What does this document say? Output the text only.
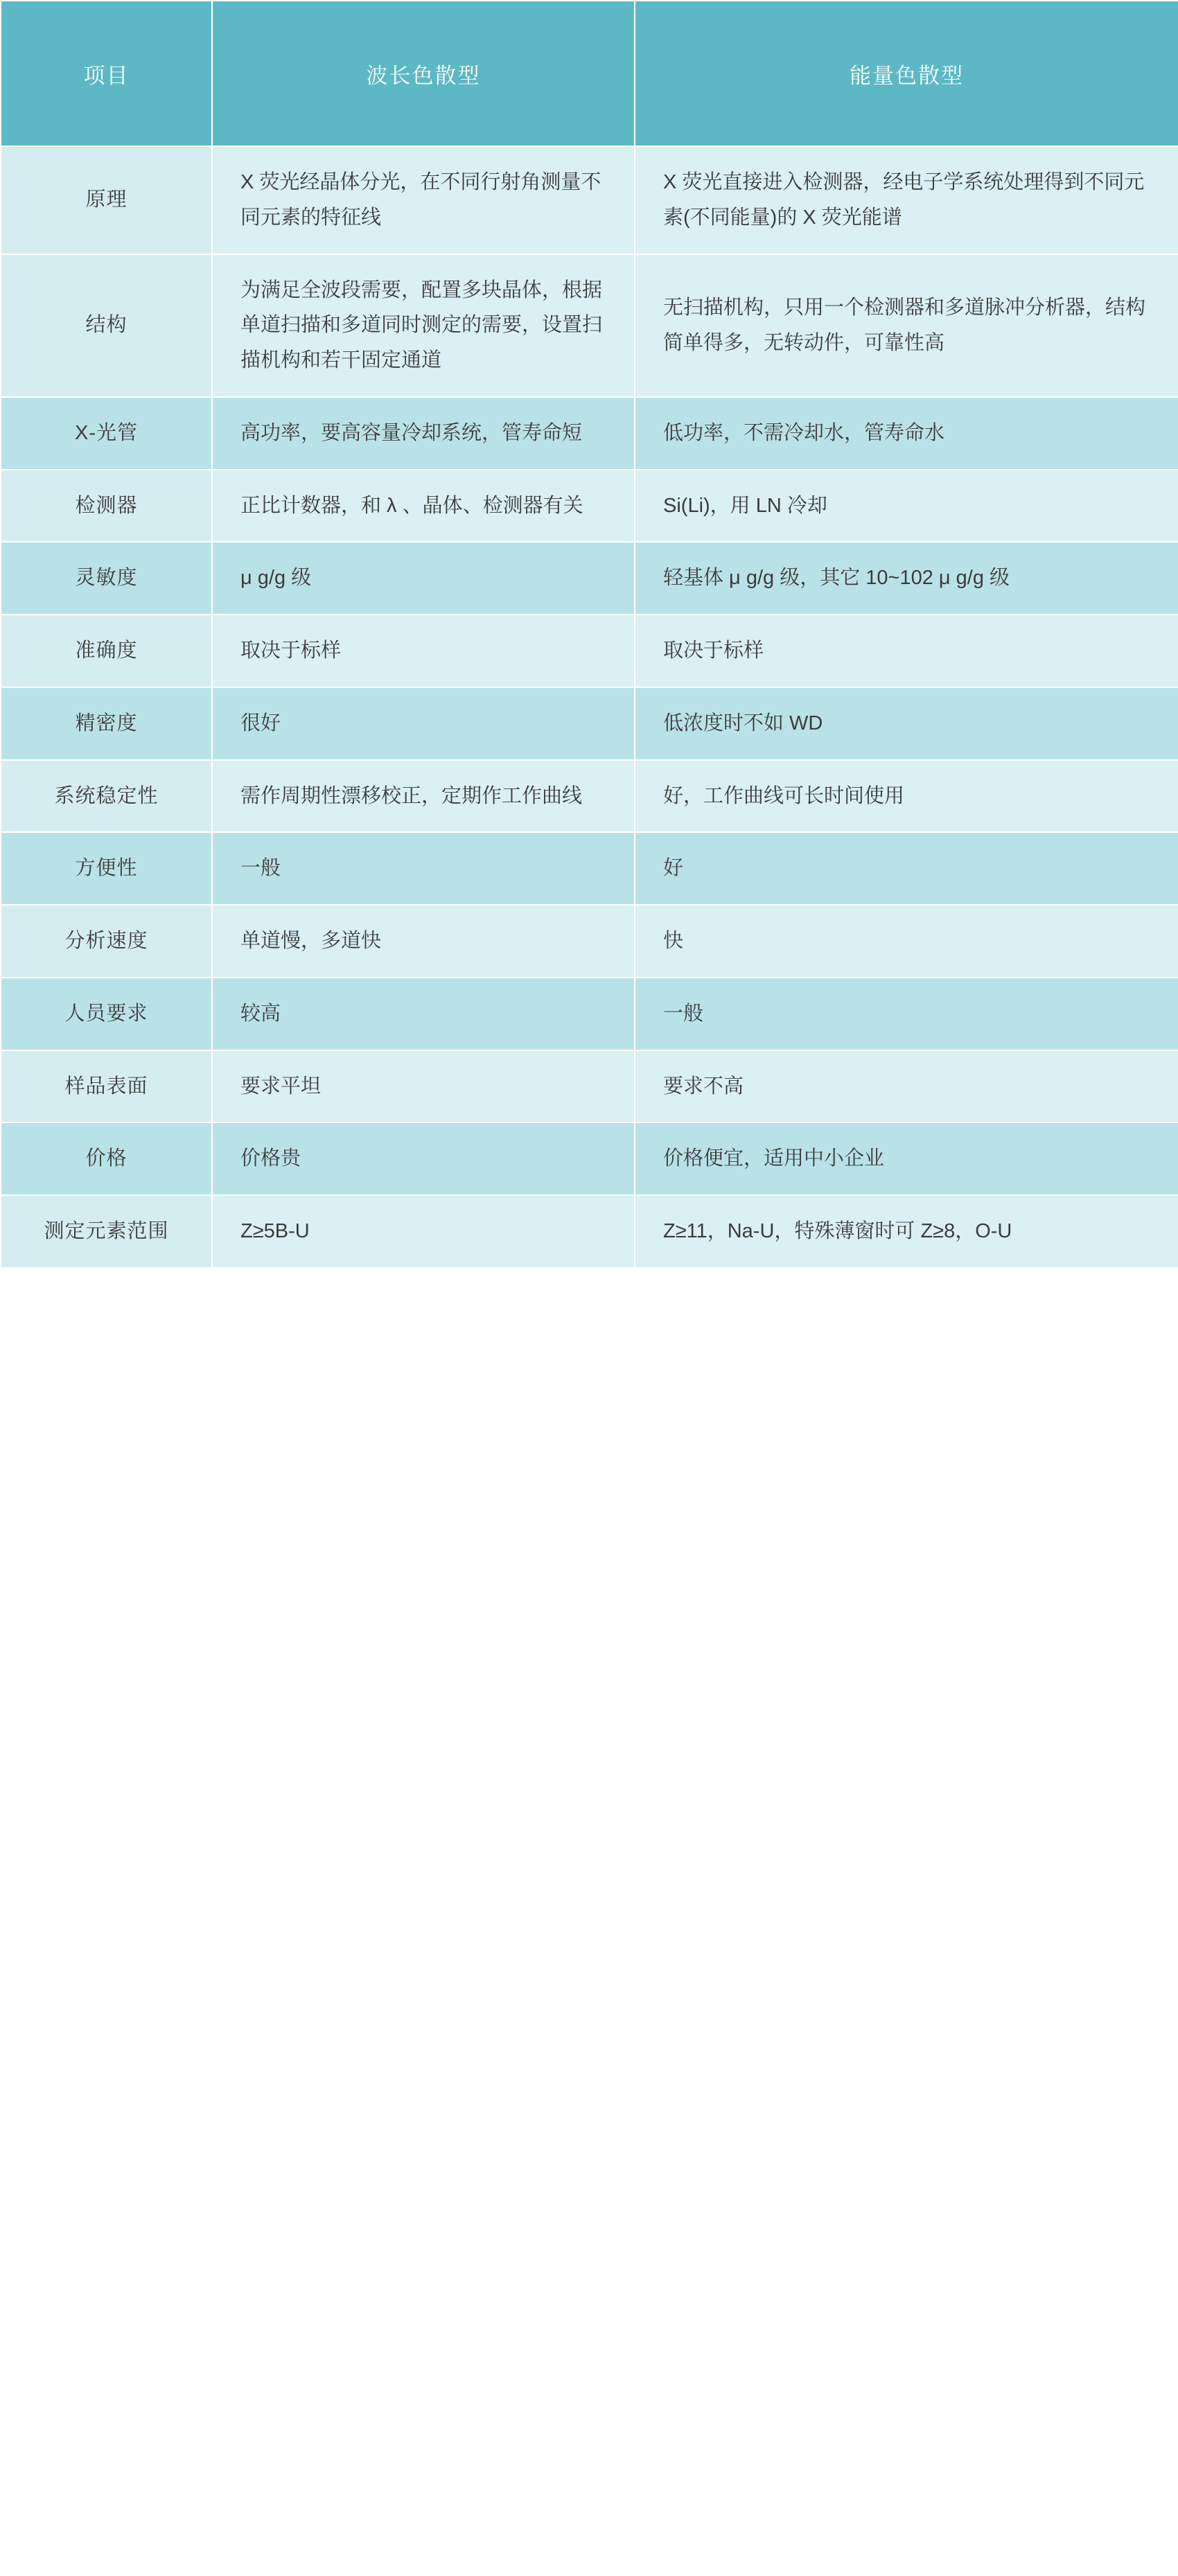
项目	波长色散型	能量色散型
原理	X 荧光经晶体分光，在不同行射角测量不同元素的特征线	X 荧光直接进入检测器，经电子学系统处理得到不同元素(不同能量)的 X 荧光能谱
结构	为满足全波段需要，配置多块晶体，根据单道扫描和多道同时测定的需要，设置扫描机构和若干固定通道	无扫描机构，只用一个检测器和多道脉冲分析器，结构简单得多，无转动件，可靠性高
X-光管	高功率，要高容量冷却系统，管寿命短	低功率，不需冷却水，管寿命水
检测器	正比计数器，和 λ 、晶体、检测器有关	Si(Li)，用 LN 冷却
灵敏度	μ g/g 级	轻基体 μ g/g 级，其它 10~102 μ g/g 级
准确度	取决于标样	取决于标样
精密度	很好	低浓度时不如 WD
系统稳定性	需作周期性漂移校正，定期作工作曲线	好，工作曲线可长时间使用
方便性	一般	好
分析速度	单道慢，多道快	快
人员要求	较高	一般
样品表面	要求平坦	要求不高
价格	价格贵	价格便宜，适用中小企业
测定元素范围	Z≥5B-U	Z≥11，Na-U，特殊薄窗时可 Z≥8，O-U
